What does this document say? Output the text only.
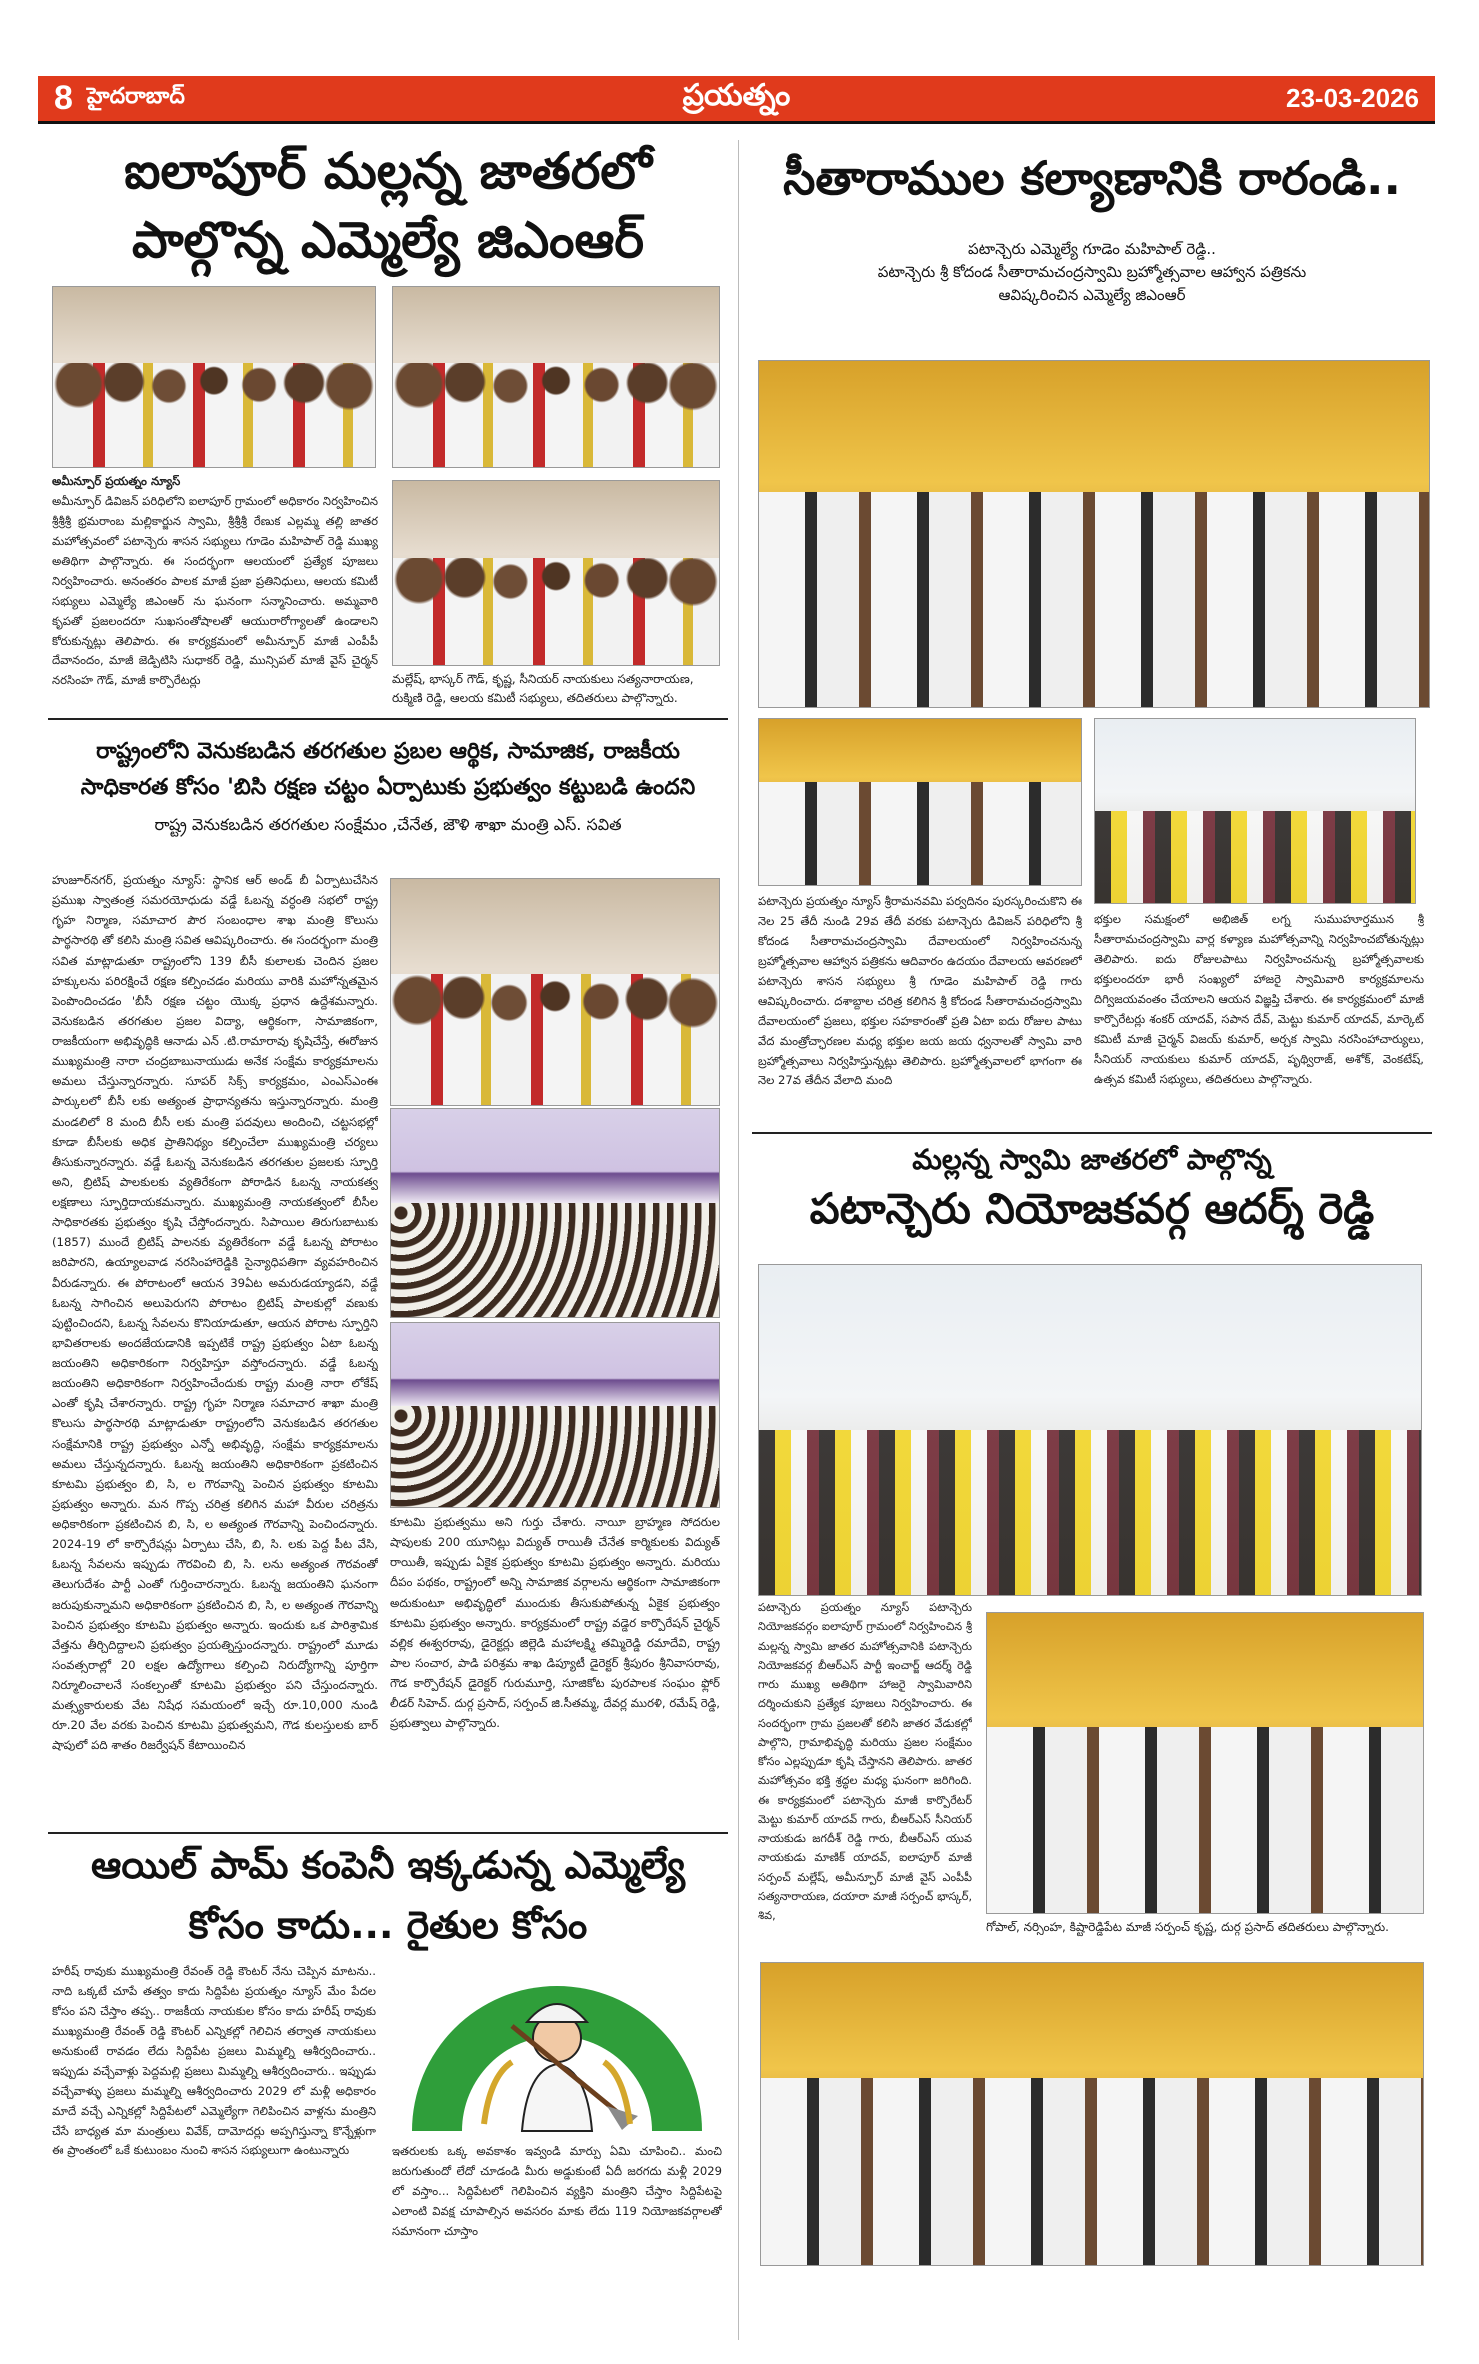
8 హైదరాబాద్	ప్రయత్నం	23-03-2026
ఐలాపూర్ మల్లన్న జాతరలో
పాల్గొన్న ఎమ్మెల్యే జిఎంఆర్
అమీన్పూర్ ప్రయత్నం న్యూస్
అమీన్పూర్ డివిజన్ పరిధిలోని ఐలాపూర్ గ్రామంలో అధికారం నిర్వహించిన శ్రీశ్రీశ్రీ భ్రమరాంబ మల్లికార్జున స్వామి, శ్రీశ్రీశ్రీ రేణుక ఎల్లమ్మ తల్లి జాతర మహోత్సవంలో పటాన్చెరు శాసన సభ్యులు గూడెం మహిపాల్ రెడ్డి ముఖ్య అతిథిగా పాల్గొన్నారు. ఈ సందర్భంగా ఆలయంలో ప్రత్యేక పూజలు నిర్వహించారు. అనంతరం పాలక మాజీ ప్రజా ప్రతినిధులు, ఆలయ కమిటీ సభ్యులు ఎమ్మెల్యే జిఎంఆర్ ను ఘనంగా సన్మానించారు. అమ్మవారి కృపతో ప్రజలందరూ సుఖసంతోషాలతో ఆయురారోగ్యాలతో ఉండాలని కోరుకున్నట్లు తెలిపారు. ఈ కార్యక్రమంలో అమీన్పూర్ మాజీ ఎంపీపీ దేవానందం, మాజీ జెడ్పిటిసి సుధాకర్ రెడ్డి, మున్సిపల్ మాజీ వైస్ చైర్మన్ నరసింహ గౌడ్, మాజీ కార్పొరేటర్లు	మల్లేష్, భాస్కర్ గౌడ్, కృష్ణ, సీనియర్ నాయకులు సత్యనారాయణ, రుక్మిణి రెడ్డి, ఆలయ కమిటీ సభ్యులు, తదితరులు పాల్గొన్నారు.
రాష్ట్రంలోని వెనుకబడిన తరగతుల ప్రబల ఆర్థిక, సామాజిక, రాజకీయ
సాధికారత కోసం 'బిసి రక్షణ చట్టం ఏర్పాటుకు ప్రభుత్వం కట్టుబడి ఉందని
రాష్ట్ర వెనుకబడిన తరగతుల సంక్షేమం ,చేనేత, జౌళి శాఖా మంత్రి ఎస్. సవిత
హుజూర్‌నగర్, ప్రయత్నం న్యూస్: స్థానిక ఆర్ అండ్ బీ ఏర్పాటుచేసిన ప్రముఖ స్వాతంత్ర సమరయోధుడు వడ్డే ఓబన్న వర్ధంతి సభలో రాష్ట్ర గృహ నిర్మాణ, సమాచార పౌర సంబంధాల శాఖ మంత్రి కొలుసు పార్థసారథి తో కలిసి మంత్రి సవిత ఆవిష్కరించారు. ఈ సందర్భంగా మంత్రి సవిత మాట్లాడుతూ రాష్ట్రంలోని 139 బీసీ కులాలకు చెందిన ప్రజల హక్కులను పరిరక్షించే రక్షణ కల్పించడం మరియు వారికి మహోన్నతమైన పెంపొందించడం 'బీసీ రక్షణ చట్టం యొక్క ప్రధాన ఉద్దేశమన్నారు. వెనుకబడిన తరగతుల ప్రజల విద్యా, ఆర్థికంగా, సామాజికంగా, రాజకీయంగా అభివృద్ధికి ఆనాడు ఎన్ .టి.రామారావు కృషిచేస్తే, ఈరోజున ముఖ్యమంత్రి నారా చంద్రబాబునాయుడు అనేక సంక్షేమ కార్యక్రమాలను అమలు చేస్తున్నారన్నారు. సూపర్ సిక్స్ కార్యక్రమం, ఎంఎస్ఎంఈ పార్కులలో బీసీ లకు అత్యంత ప్రాధాన్యతను ఇస్తున్నారన్నారు. మంత్రి మండలిలో 8 మంది బీసీ లకు మంత్రి పదవులు అందించి, చట్టసభల్లో కూడా బీసీలకు అధిక ప్రాతినిథ్యం కల్పించేలా ముఖ్యమంత్రి చర్యలు తీసుకున్నారన్నారు. వడ్డే ఓబన్న వెనుకబడిన తరగతుల ప్రజలకు స్ఫూర్తి అని, బ్రిటిష్ పాలకులకు వ్యతిరేకంగా పోరాడిన ఓబన్న నాయకత్వ లక్షణాలు స్ఫూర్తిదాయకమన్నారు. ముఖ్యమంత్రి నాయకత్వంలో బీసీల సాధికారతకు ప్రభుత్వం కృషి చేస్తోందన్నారు. సిపాయిల తిరుగుబాటుకు (1857) ముందే బ్రిటిష్ పాలనకు వ్యతిరేకంగా వడ్డే ఓబన్న పోరాటం జరిపారని, ఉయ్యాలవాడ నరసింహారెడ్డికి సైన్యాధిపతిగా వ్యవహరించిన వీరుడన్నారు. ఈ పోరాటంలో ఆయన 39ఏట అమరుడయ్యాడని, వడ్డే ఓబన్న సాగించిన అలుపెరుగని పోరాటం బ్రిటిష్ పాలకుల్లో వణుకు పుట్టించిందని, ఓబన్న సేవలను కొనియాడుతూ, ఆయన పోరాట స్ఫూర్తిని భావితరాలకు అందజేయడానికి ఇప్పటికే రాష్ట్ర ప్రభుత్వం ఏటా ఓబన్న జయంతిని అధికారికంగా నిర్వహిస్తూ వస్తోందన్నారు. వడ్డే ఓబన్న జయంతిని అధికారికంగా నిర్వహించేందుకు రాష్ట్ర మంత్రి నారా లోకేష్ ఎంతో కృషి చేశారన్నారు. రాష్ట్ర గృహ నిర్మాణ సమాచార శాఖా మంత్రి కొలుసు పార్థసారథి మాట్లాడుతూ రాష్ట్రంలోని వెనుకబడిన తరగతుల సంక్షేమానికి రాష్ట్ర ప్రభుత్వం ఎన్నో అభివృద్ధి, సంక్షేమ కార్యక్రమాలను అమలు చేస్తున్నదన్నారు. ఓబన్న జయంతిని అధికారికంగా ప్రకటించిన కూటమి ప్రభుత్వం బి, సి, ల గౌరవాన్ని పెంచిన ప్రభుత్వం కూటమి ప్రభుత్వం అన్నారు. మన గొప్ప చరిత్ర కలిగిన మహా వీరుల చరిత్రను అధికారికంగా ప్రకటించిన బి, సి, ల అత్యంత గౌరవాన్ని పెంచిందన్నారు. 2024-19 లో కార్పొరేషన్లు ఏర్పాటు చేసి, బి, సి. లకు పెద్ద పీట వేసి, ఓబన్న సేవలను ఇప్పుడు గౌరవించి బి, సి. లను అత్యంత గౌరవంతో తెలుగుదేశం పార్టీ ఎంతో గుర్తించారన్నారు. ఓబన్న జయంతిని ఘనంగా జరుపుకున్నామని అధికారికంగా ప్రకటించిన బి, సి, ల అత్యంత గౌరవాన్ని పెంచిన ప్రభుత్వం కూటమి ప్రభుత్వం అన్నారు. ఇందుకు ఒక పారిశ్రామిక వేత్తను తీర్చిదిద్దాలని ప్రభుత్వం ప్రయత్నిస్తుందన్నారు. రాష్ట్రంలో మూడు సంవత్సరాల్లో 20 లక్షల ఉద్యోగాలు కల్పించి నిరుద్యోగాన్ని పూర్తిగా నిర్మూలించాలనే సంకల్పంతో కూటమి ప్రభుత్వం పని చేస్తుందన్నారు. మత్స్యకారులకు వేట నిషేధ సమయంలో ఇచ్చే రూ.10,000 నుండి రూ.20 వేల వరకు పెంచిన కూటమి ప్రభుత్వమని, గౌడ కులస్తులకు బార్ షాపులో పది శాతం రిజర్వేషన్ కేటాయించిన
కూటమి ప్రభుత్వము అని గుర్తు చేశారు. నాయీ బ్రాహ్మణ సోదరుల షాపులకు 200 యూనిట్లు విద్యుత్ రాయితీ చేనేత కార్మికులకు విద్యుత్ రాయితీ, ఇప్పుడు ఏకైక ప్రభుత్వం కూటమి ప్రభుత్వం అన్నారు. మరియు దీపం పథకం, రాష్ట్రంలో అన్ని సామాజిక వర్గాలను ఆర్థికంగా సామాజికంగా అదుకుంటూ అభివృద్ధిలో ముందుకు తీసుకుపోతున్న ఏకైక ప్రభుత్వం కూటమి ప్రభుత్వం అన్నారు. కార్యక్రమంలో రాష్ట్ర వడ్డెర కార్పొరేషన్ చైర్మన్ వల్లిక ఈశ్వరరావు, డైరెక్టర్లు జిల్లెడి మహాలక్ష్మి తమ్మిరెడ్డి రమాదేవి, రాష్ట్ర పాల సంచార, పాడి పరిశ్రమ శాఖ డిప్యూటీ డైరెక్టర్ శ్రీపురం శ్రీనివాసరావు, గౌడ కార్పొరేషన్ డైరెక్టర్ గురుమూర్తి, సూజికోట పురపాలక సంఘం ఫ్లోర్ లీడర్ సిహెచ్. దుర్గ ప్రసాద్, సర్పంచ్ జి.సీతమ్మ, దేవర్ల మురళి, రమేష్ రెడ్డి, ప్రభుత్వాలు పాల్గొన్నారు.
ఆయిల్ పామ్ కంపెనీ ఇక్కడున్న ఎమ్మెల్యే
కోసం కాదు... రైతుల కోసం
హరీష్ రావుకు ముఖ్యమంత్రి రేవంత్ రెడ్డి కౌంటర్ నేను చెప్పిన మాటను.. నాది ఒక్కటే చూపే తత్వం కాదు సిద్దిపేట ప్రయత్నం న్యూస్ మేం పేదల కోసం పని చేస్తాం తప్ప.. రాజకీయ నాయకుల కోసం కాదు హరీష్ రావుకు ముఖ్యమంత్రి రేవంత్ రెడ్డి కౌంటర్ ఎన్నికల్లో గెలిచిన తర్వాత నాయకులు అనుకుంటే రావడం లేదు సిద్దిపేట ప్రజలు మిమ్మల్ని ఆశీర్వదించారు.. ఇప్పుడు వచ్చేవాళ్లు పెద్దమల్లి ప్రజలు మిమ్మల్ని ఆశీర్వదించారు.. ఇప్పుడు వచ్చేవాళ్ళు ప్రజలు మమ్మల్ని ఆశీర్వదించారు 2029 లో మళ్లీ అధికారం మాదే వచ్చే ఎన్నికల్లో సిద్దిపేటలో ఎమ్మెల్యేగా గెలిపించిన వాళ్లను మంత్రిని చేసే బాధ్యత మా మంత్రులు వివేక్, దామోదర్లు అప్పగిస్తున్నా కొన్నేళ్లుగా ఈ ప్రాంతంలో ఒకే కుటుంబం నుంచి శాసన సభ్యులుగా ఉంటున్నారు	ఇతరులకు ఒక్క అవకాశం ఇవ్వండి మార్పు ఏమి చూపించి.. మంచి జరుగుతుందో లేదో చూడండి మీరు అడ్డుకుంటే ఏదీ జరగదు మళ్లీ 2029 లో వస్తాం... సిద్దిపేటలో గెలిపించిన వ్యక్తిని మంత్రిని చేస్తాం సిద్దిపేటపై ఎలాంటి వివక్ష చూపాల్సిన అవసరం మాకు లేదు 119 నియోజకవర్గాలతో సమానంగా చూస్తాం
సీతారాముల కల్యాణానికి రారండి..
పటాన్చెరు ఎమ్మెల్యే గూడెం మహిపాల్ రెడ్డి..
పటాన్చెరు శ్రీ కోదండ సీతారామచంద్రస్వామి బ్రహ్మోత్సవాల ఆహ్వాన పత్రికను
ఆవిష్కరించిన ఎమ్మెల్యే జిఎంఆర్
పటాన్చెరు ప్రయత్నం న్యూస్ శ్రీరామనవమి పర్వదినం పురస్కరించుకొని ఈ నెల 25 తేదీ నుండి 29వ తేదీ వరకు పటాన్చెరు డివిజన్ పరిధిలోని శ్రీ కోదండ సీతారామచంద్రస్వామి దేవాలయంలో నిర్వహించనున్న బ్రహ్మోత్సవాల ఆహ్వాన పత్రికను ఆదివారం ఉదయం దేవాలయ ఆవరణలో పటాన్చెరు శాసన సభ్యులు శ్రీ గూడెం మహిపాల్ రెడ్డి గారు ఆవిష్కరించారు. దశాబ్దాల చరిత్ర కలిగిన శ్రీ కోదండ సీతారామచంద్రస్వామి దేవాలయంలో ప్రజలు, భక్తుల సహకారంతో ప్రతి ఏటా ఐదు రోజుల పాటు వేద మంత్రోచ్ఛారణల మధ్య భక్తుల జయ జయ ధ్వనాలతో స్వామి వారి బ్రహ్మోత్సవాలు నిర్వహిస్తున్నట్లు తెలిపారు. బ్రహ్మోత్సవాలలో భాగంగా ఈ నెల 27వ తేదీన వేలాది మంది
భక్తుల సమక్షంలో అభిజిత్ లగ్న సుముహూర్తమున శ్రీ సీతారామచంద్రస్వామి వార్ల కళ్యాణ మహోత్సవాన్ని నిర్వహించబోతున్నట్లు తెలిపారు. ఐదు రోజులపాటు నిర్వహించనున్న బ్రహ్మోత్సవాలకు భక్తులందరూ భారీ సంఖ్యలో హాజరై స్వామివారి కార్యక్రమాలను దిగ్విజయవంతం చేయాలని ఆయన విజ్ఞప్తి చేశారు. ఈ కార్యక్రమంలో మాజీ కార్పొరేటర్లు శంకర్ యాదవ్, సపాన దేవ్, మెట్టు కుమార్ యాదవ్, మార్కెట్ కమిటీ మాజీ చైర్మన్ విజయ్ కుమార్, అర్చక స్వామి నరసింహాచార్యులు, సీనియర్ నాయకులు కుమార్ యాదవ్, పృథ్విరాజ్, అశోక్, వెంకటేష్, ఉత్సవ కమిటీ సభ్యులు, తదితరులు పాల్గొన్నారు.
మల్లన్న స్వామి జాతరలో పాల్గొన్న
పటాన్చెరు నియోజకవర్గ ఆదర్శ్ రెడ్డి
పటాన్చెరు ప్రయత్నం న్యూస్ పటాన్చెరు నియోజకవర్గం ఐలాపూర్ గ్రామంలో నిర్వహించిన శ్రీ మల్లన్న స్వామి జాతర మహోత్సవానికి పటాన్చెరు నియోజకవర్గ బీఆర్ఎస్ పార్టీ ఇంచార్జ్ ఆదర్శ్ రెడ్డి గారు ముఖ్య అతిథిగా హాజరై స్వామివారిని దర్శించుకుని ప్రత్యేక పూజలు నిర్వహించారు. ఈ సందర్భంగా గ్రామ ప్రజలతో కలిసి జాతర వేడుకల్లో పాల్గొని, గ్రామాభివృద్ధి మరియు ప్రజల సంక్షేమం కోసం ఎల్లప్పుడూ కృషి చేస్తానని తెలిపారు. జాతర మహోత్సవం భక్తి శ్రద్ధల మధ్య ఘనంగా జరిగింది. ఈ కార్యక్రమంలో పటాన్చెరు మాజీ కార్పొరేటర్ మెట్టు కుమార్ యాదవ్ గారు, బీఆర్ఎస్ సీనియర్ నాయకుడు జగదీశ్ రెడ్డి గారు, బీఆర్ఎస్ యువ నాయకుడు మాణిక్ యాదవ్, ఐలాపూర్ మాజీ సర్పంచ్ మల్లేష్, అమీన్పూర్ మాజీ వైస్ ఎంపీపీ సత్యనారాయణ, దయారా మాజీ సర్పంచ్ భాస్కర్, శివ,
గోపాల్, నర్సింహ, కిష్టారెడ్డిపేట మాజీ సర్పంచ్ కృష్ణ, దుర్గ ప్రసాద్ తదితరులు పాల్గొన్నారు.
